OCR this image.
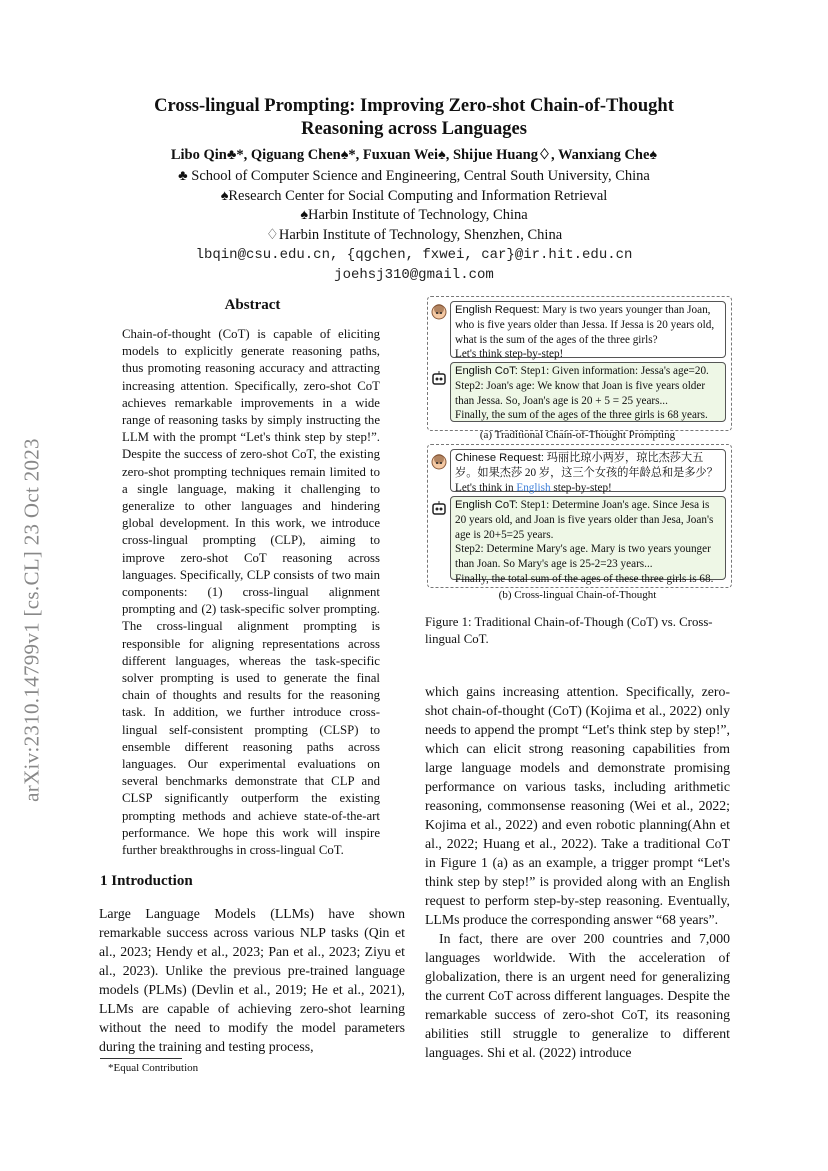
arXiv:2310.14799v1 [cs.CL] 23 Oct 2023
Cross-lingual Prompting: Improving Zero-shot Chain-of-Thought
Reasoning across Languages
Libo Qin♣*, Qiguang Chen♠*, Fuxuan Wei♠, Shijue Huang♢, Wanxiang Che♠
♣ School of Computer Science and Engineering, Central South University, China
♠Research Center for Social Computing and Information Retrieval
♠Harbin Institute of Technology, China
♢Harbin Institute of Technology, Shenzhen, China
lbqin@csu.edu.cn, {qgchen, fxwei, car}@ir.hit.edu.cn
joehsj310@gmail.com
Abstract
Chain-of-thought (CoT) is capable of eliciting models to explicitly generate reasoning paths, thus promoting reasoning accuracy and attracting increasing attention. Specifically, zero-shot CoT achieves remarkable improvements in a wide range of reasoning tasks by simply instructing the LLM with the prompt “Let's think step by step!”. Despite the success of zero-shot CoT, the existing zero-shot prompting techniques remain limited to a single language, making it challenging to generalize to other languages and hindering global development. In this work, we introduce cross-lingual prompting (CLP), aiming to improve zero-shot CoT reasoning across languages. Specifically, CLP consists of two main components: (1) cross-lingual alignment prompting and (2) task-specific solver prompting. The cross-lingual alignment prompting is responsible for aligning representations across different languages, whereas the task-specific solver prompting is used to generate the final chain of thoughts and results for the reasoning task. In addition, we further introduce cross-lingual self-consistent prompting (CLSP) to ensemble different reasoning paths across languages. Our experimental evaluations on several benchmarks demonstrate that CLP and CLSP significantly outperform the existing prompting methods and achieve state-of-the-art performance. We hope this work will inspire further breakthroughs in cross-lingual CoT.
1 Introduction
Large Language Models (LLMs) have shown remarkable success across various NLP tasks (Qin et al., 2023; Hendy et al., 2023; Pan et al., 2023; Ziyu et al., 2023). Unlike the previous pre-trained language models (PLMs) (Devlin et al., 2019; He et al., 2021), LLMs are capable of achieving zero-shot learning without the need to modify the model parameters during the training and testing process,

which gains increasing attention. Specifically, zero-shot chain-of-thought (CoT) (Kojima et al., 2022) only needs to append the prompt “Let's think step by step!”, which can elicit strong reasoning capabilities from large language models and demonstrate promising performance on various tasks, including arithmetic reasoning, commonsense reasoning (Wei et al., 2022; Kojima et al., 2022) and even robotic planning(Ahn et al., 2022; Huang et al., 2022). Take a traditional CoT in Figure 1 (a) as an example, a trigger prompt “Let's think step by step!” is provided along with an English request to perform step-by-step reasoning. Eventually, LLMs produce the corresponding answer “68 years”.

In fact, there are over 200 countries and 7,000 languages worldwide. With the acceleration of globalization, there is an urgent need for generalizing the current CoT across different languages. Despite the remarkable success of zero-shot CoT, its reasoning abilities still struggle to generalize to different languages. Shi et al. (2022) introduce

*Equal Contribution
English Request: Mary is two years younger than Joan, who is five years older than Jessa. If Jessa is 20 years old, what is the sum of the ages of the three girls?
Let's think step-by-step!
English CoT: Step1: Given information: Jessa's age=20.
Step2: Joan's age: We know that Joan is five years older than Jessa. So, Joan's age is 20 + 5 = 25 years...
Finally, the sum of the ages of the three girls is 68 years.
(a) Traditional Chain-of-Thought Prompting
Chinese Request: 玛丽比琼小两岁，琼比杰莎大五岁。如果杰莎 20 岁，这三个女孩的年龄总和是多少？
Let's think in English step-by-step!
English CoT: Step1: Determine Joan's age. Since Jesa is 20 years old, and Joan is five years older than Jesa, Joan's age is 20+5=25 years.
Step2: Determine Mary's age. Mary is two years younger than Joan. So Mary's age is 25-2=23 years...
Finally, the total sum of the ages of these three girls is 68.
(b) Cross-lingual Chain-of-Thought
Figure 1: Traditional Chain-of-Though (CoT) vs. Cross-lingual CoT.
